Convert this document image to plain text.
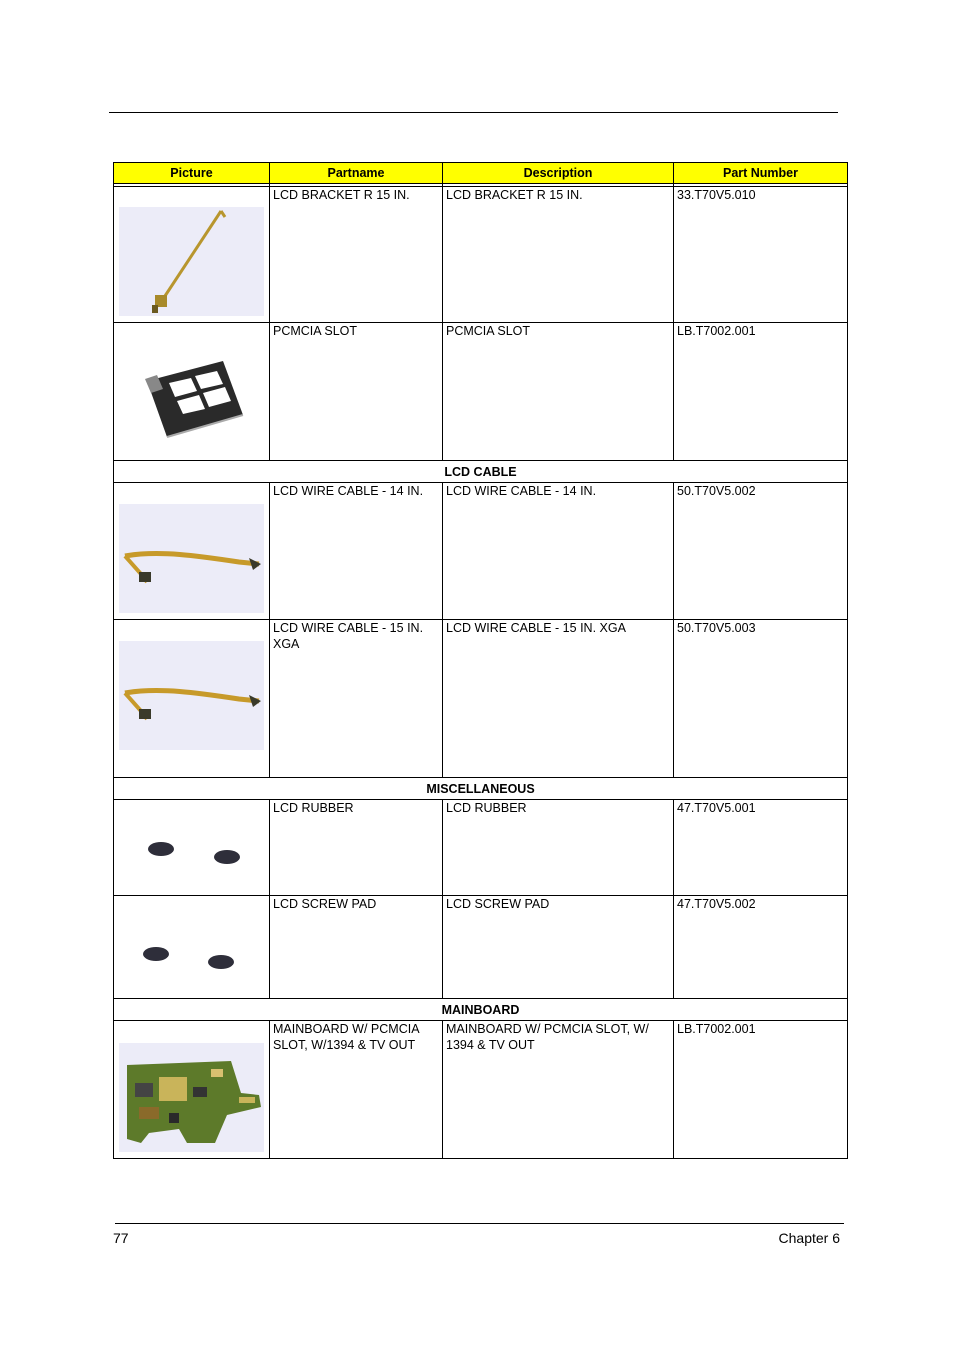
Picture	Partname	Description	Part Number

	LCD BRACKET R 15 IN.	LCD BRACKET R 15 IN.	33.T70V5.010

	PCMCIA SLOT	PCMCIA SLOT	LB.T7002.001
LCD CABLE			

	LCD WIRE CABLE - 14 IN.	LCD WIRE CABLE - 14 IN.	50.T70V5.002

	LCD WIRE CABLE - 15 IN. XGA	LCD WIRE CABLE - 15 IN. XGA	50.T70V5.003
MISCELLANEOUS			

	LCD RUBBER	LCD RUBBER	47.T70V5.001

	LCD SCREW PAD	LCD SCREW PAD	47.T70V5.002
MAINBOARD			

	MAINBOARD W/ PCMCIA SLOT, W/1394 & TV OUT	MAINBOARD W/ PCMCIA SLOT, W/ 1394 & TV OUT	LB.T7002.001
77	Chapter 6
